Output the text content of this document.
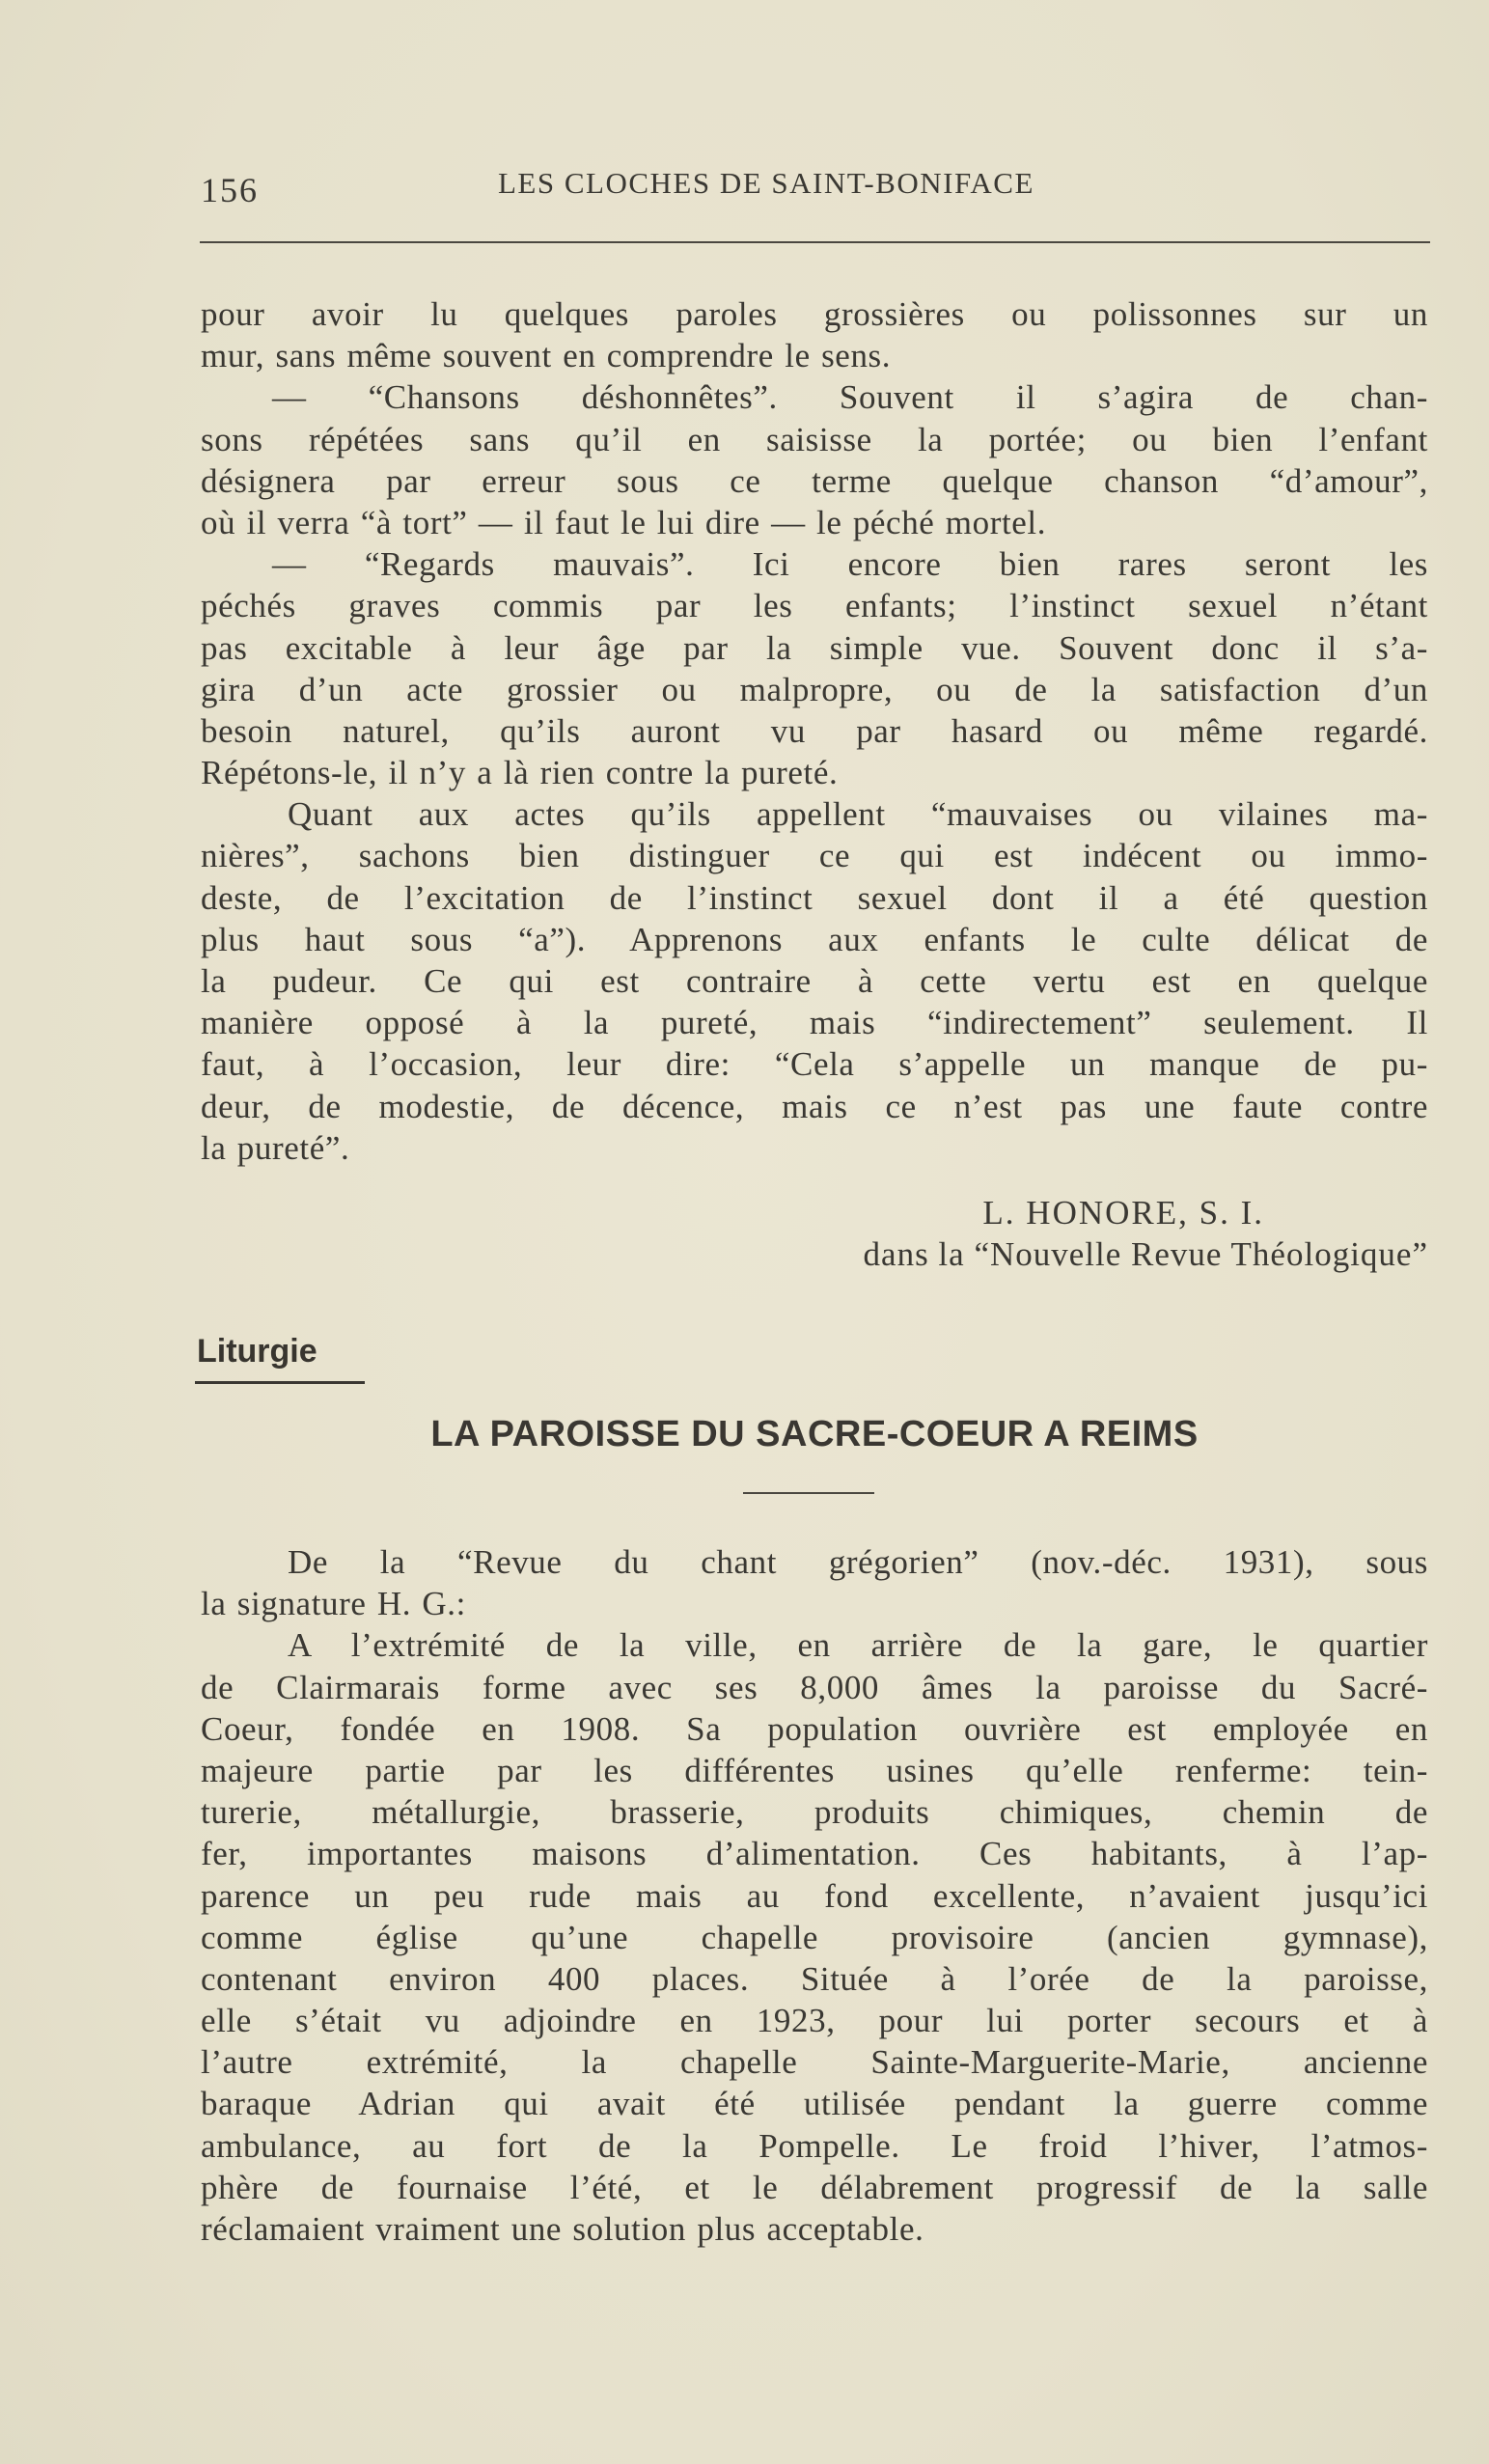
156	LES CLOCHES DE SAINT-BONIFACE
pour avoir lu quelques paroles grossières ou polissonnes sur un
mur, sans même souvent en comprendre le sens.
— “Chansons déshonnêtes”. Souvent il s’agira de chan-
sons répétées sans qu’il en saisisse la portée; ou bien l’enfant
désignera par erreur sous ce terme quelque chanson “d’amour”,
où il verra “à tort” — il faut le lui dire — le péché mortel.
— “Regards mauvais”. Ici encore bien rares seront les
péchés graves commis par les enfants; l’instinct sexuel n’étant
pas excitable à leur âge par la simple vue. Souvent donc il s’a-
gira d’un acte grossier ou malpropre, ou de la satisfaction d’un
besoin naturel, qu’ils auront vu par hasard ou même regardé.
Répétons-le, il n’y a là rien contre la pureté.
Quant aux actes qu’ils appellent “mauvaises ou vilaines ma-
nières”, sachons bien distinguer ce qui est indécent ou immo-
deste, de l’excitation de l’instinct sexuel dont il a été question
plus haut sous “a”). Apprenons aux enfants le culte délicat de
la pudeur. Ce qui est contraire à cette vertu est en quelque
manière opposé à la pureté, mais “indirectement” seulement. Il
faut, à l’occasion, leur dire: “Cela s’appelle un manque de pu-
deur, de modestie, de décence, mais ce n’est pas une faute contre
la pureté”.
L. HONORE, S. I.
dans la “Nouvelle Revue Théologique”
Liturgie
LA PAROISSE DU SACRE-COEUR A REIMS
De la “Revue du chant grégorien” (nov.-déc. 1931), sous
la signature H. G.:
A l’extrémité de la ville, en arrière de la gare, le quartier
de Clairmarais forme avec ses 8,000 âmes la paroisse du Sacré-
Coeur, fondée en 1908. Sa population ouvrière est employée en
majeure partie par les différentes usines qu’elle renferme: tein-
turerie, métallurgie, brasserie, produits chimiques, chemin de
fer, importantes maisons d’alimentation. Ces habitants, à l’ap-
parence un peu rude mais au fond excellente, n’avaient jusqu’ici
comme église qu’une chapelle provisoire (ancien gymnase),
contenant environ 400 places. Située à l’orée de la paroisse,
elle s’était vu adjoindre en 1923, pour lui porter secours et à
l’autre extrémité, la chapelle Sainte-Marguerite-Marie, ancienne
baraque Adrian qui avait été utilisée pendant la guerre comme
ambulance, au fort de la Pompelle. Le froid l’hiver, l’atmos-
phère de fournaise l’été, et le délabrement progressif de la salle
réclamaient vraiment une solution plus acceptable.
